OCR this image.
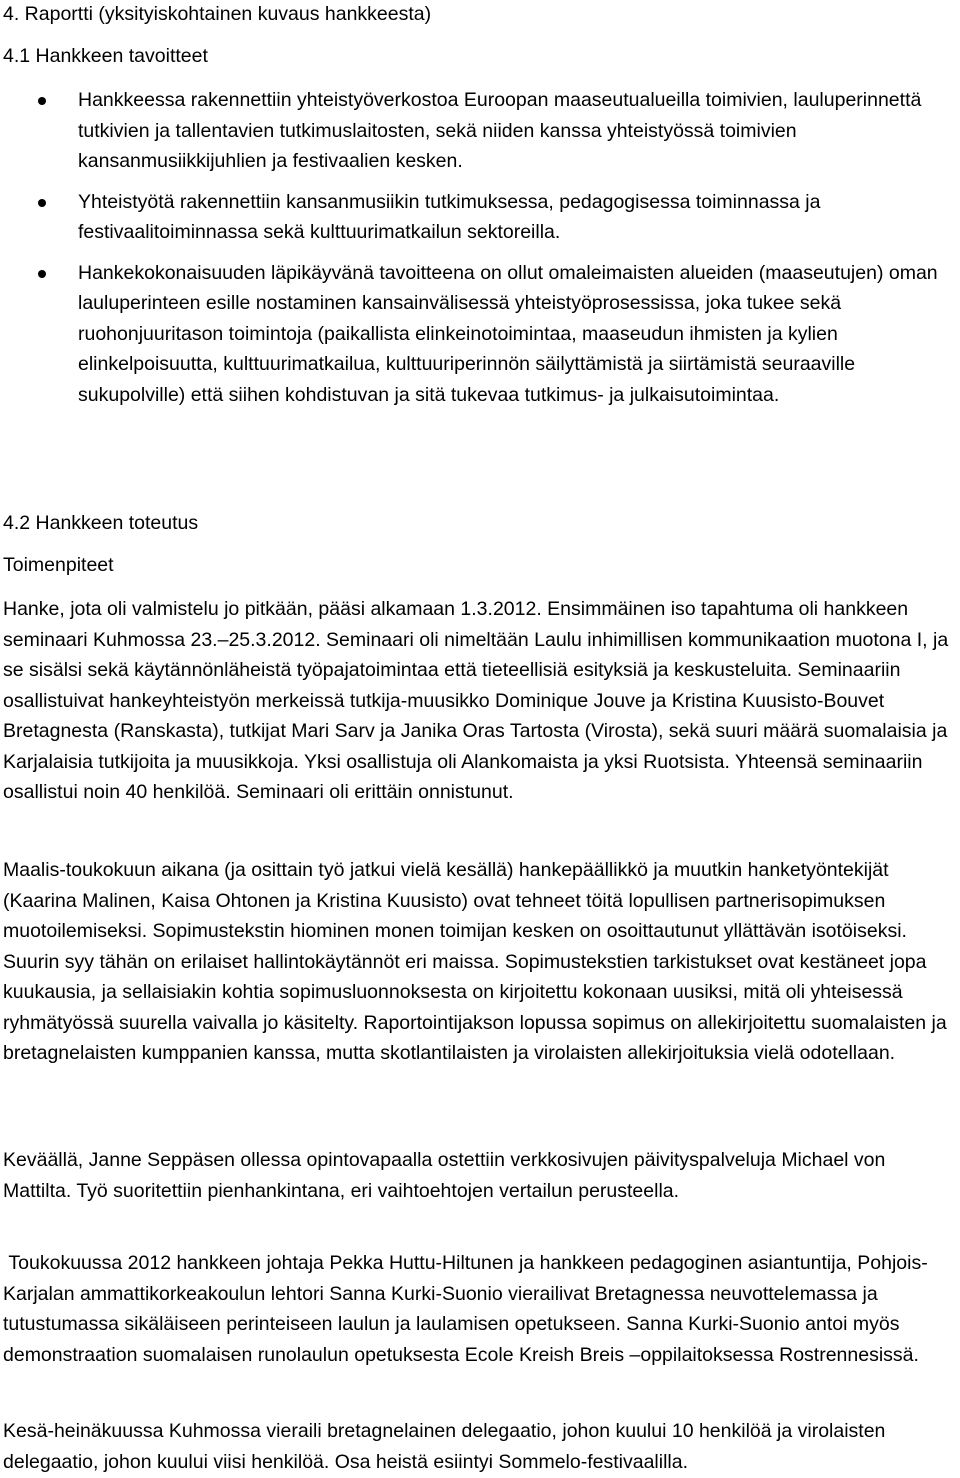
4. Raportti (yksityiskohtainen kuvaus hankkeesta)
4.1 Hankkeen tavoitteet
Hankkeessa rakennettiin yhteistyöverkostoa Euroopan maaseutualueilla toimivien, lauluperinnettä tutkivien ja tallentavien tutkimuslaitosten, sekä niiden kanssa yhteistyössä toimivien kansanmusiikkijuhlien ja festivaalien kesken.
Yhteistyötä rakennettiin kansanmusiikin tutkimuksessa, pedagogisessa toiminnassa ja festivaalitoiminnassa sekä kulttuurimatkailun sektoreilla.
Hankekokonaisuuden läpikäyvänä tavoitteena on ollut omaleimaisten alueiden (maaseutujen) oman lauluperinteen esille nostaminen kansainvälisessä yhteistyöprosessissa, joka tukee sekä ruohonjuuritason toimintoja (paikallista elinkeinotoimintaa, maaseudun ihmisten ja kylien elinkelpoisuutta, kulttuurimatkailua, kulttuuriperinnön säilyttämistä ja siirtämistä seuraaville sukupolville) että siihen kohdistuvan ja sitä tukevaa tutkimus- ja julkaisutoimintaa.
4.2 Hankkeen toteutus
Toimenpiteet

Hanke, jota oli valmistelu jo pitkään, pääsi alkamaan 1.3.2012. Ensimmäinen iso tapahtuma oli hankkeen seminaari Kuhmossa 23.–25.3.2012. Seminaari oli nimeltään Laulu inhimillisen kommunikaation muotona I, ja se sisälsi sekä käytännönläheistä työpajatoimintaa että tieteellisiä esityksiä ja keskusteluita. Seminaariin osallistuivat hankeyhteistyön merkeissä tutkija-muusikko Dominique Jouve ja Kristina Kuusisto-Bouvet Bretagnesta (Ranskasta), tutkijat Mari Sarv ja Janika Oras Tartosta (Virosta), sekä suuri määrä suomalaisia ja Karjalaisia tutkijoita ja muusikkoja. Yksi osallistuja oli Alankomaista ja yksi Ruotsista. Yhteensä seminaariin osallistui noin 40 henkilöä. Seminaari oli erittäin onnistunut.

Maalis-toukokuun aikana (ja osittain työ jatkui vielä kesällä) hankepäällikkö ja muutkin hanketyöntekijät (Kaarina Malinen, Kaisa Ohtonen ja Kristina Kuusisto) ovat tehneet töitä lopullisen partnerisopimuksen muotoilemiseksi. Sopimustekstin hiominen monen toimijan kesken on osoittautunut yllättävän isotöiseksi. Suurin syy tähän on erilaiset hallintokäytännöt eri maissa. Sopimustekstien tarkistukset ovat kestäneet jopa kuukausia, ja sellaisiakin kohtia sopimusluonnoksesta on kirjoitettu kokonaan uusiksi, mitä oli yhteisessä ryhmätyössä suurella vaivalla jo käsitelty. Raportointijakson lopussa sopimus on allekirjoitettu suomalaisten ja bretagnelaisten kumppanien kanssa, mutta skotlantilaisten ja virolaisten allekirjoituksia vielä odotellaan.

Keväällä, Janne Seppäsen ollessa opintovapaalla ostettiin verkkosivujen päivityspalveluja Michael von Mattilta. Työ suoritettiin pienhankintana, eri vaihtoehtojen vertailun perusteella.

Toukokuussa 2012 hankkeen johtaja Pekka Huttu-Hiltunen ja hankkeen pedagoginen asiantuntija, Pohjois-Karjalan ammattikorkeakoulun lehtori Sanna Kurki-Suonio vierailivat Bretagnessa neuvottelemassa ja tutustumassa sikäläiseen perinteiseen laulun ja laulamisen opetukseen. Sanna Kurki-Suonio antoi myös demonstraation suomalaisen runolaulun opetuksesta Ecole Kreish Breis –oppilaitoksessa Rostrennesissä.

Kesä-heinäkuussa Kuhmossa vieraili bretagnelainen delegaatio, johon kuului 10 henkilöä ja virolaisten delegaatio, johon kuului viisi henkilöä. Osa heistä esiintyi Sommelo-festivaalilla.
